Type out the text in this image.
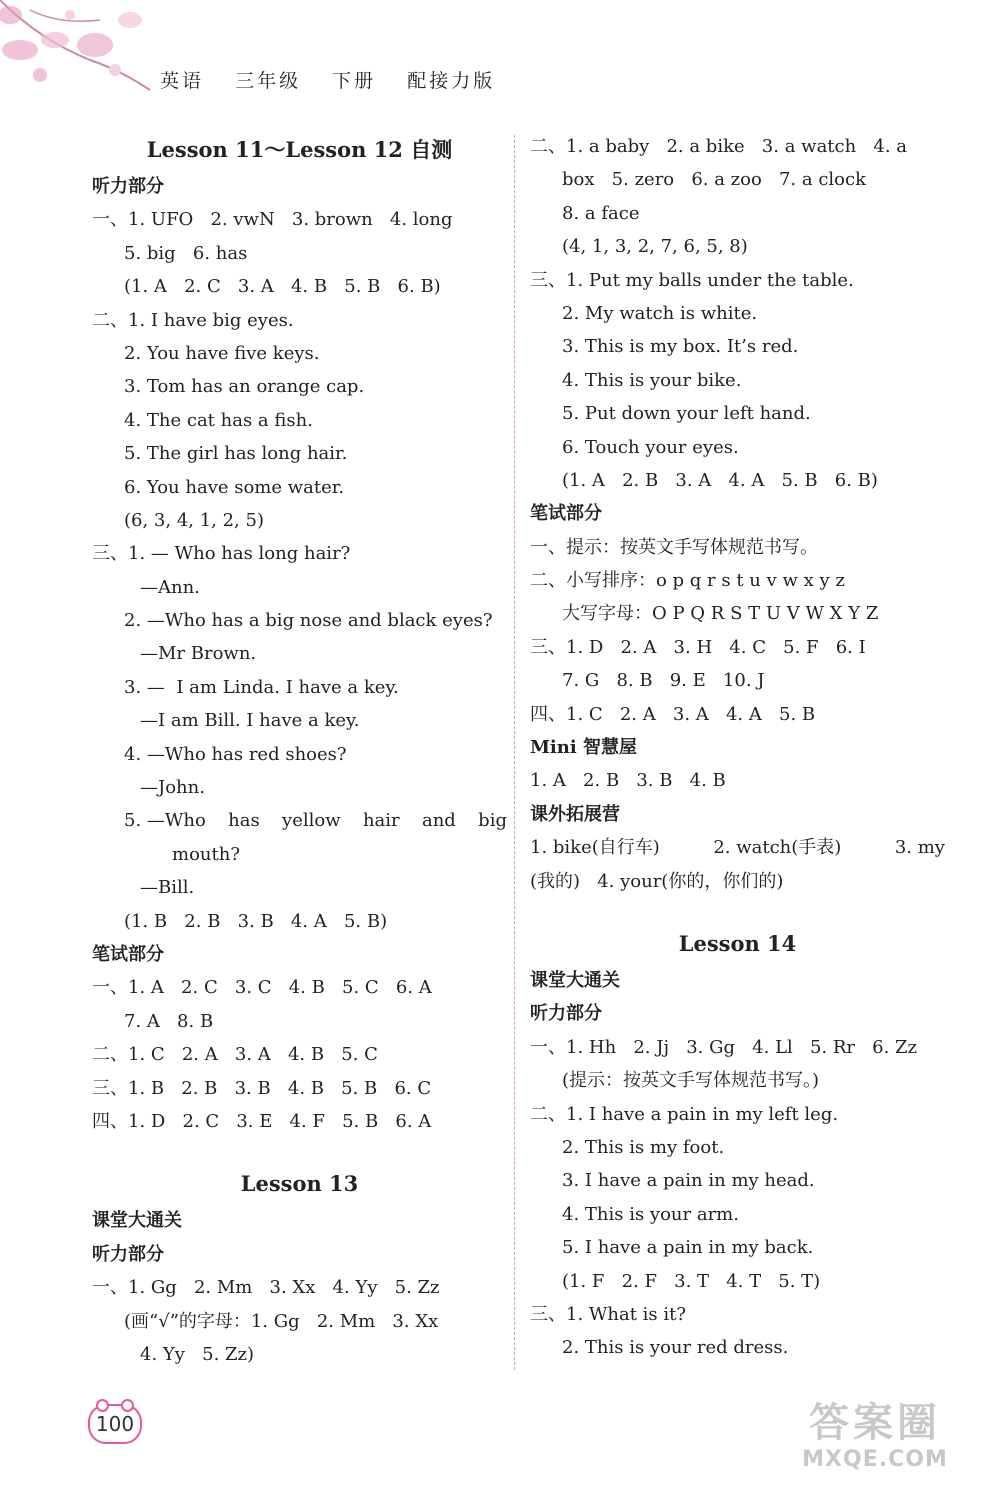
英语 三年级 下册 配接力版
Lesson 11～Lesson 12 自测
听力部分
一、1. UFO   2. vwN   3. brown   4. long
5. big   6. has
(1. A   2. C   3. A   4. B   5. B   6. B)
二、1. I have big eyes.
2. You have five keys.
3. Tom has an orange cap.
4. The cat has a fish.
5. The girl has long hair.
6. You have some water.
(6, 3, 4, 1, 2, 5)
三、1. — Who has long hair?
—Ann.
2. —Who has a big nose and black eyes?
—Mr Brown.
3. —  I am Linda. I have a key.
—I am Bill. I have a key.
4. —Who has red shoes?
—John.
5. —Who has yellow hair and big
mouth?
—Bill.
(1. B   2. B   3. B   4. A   5. B)
笔试部分
一、1. A   2. C   3. C   4. B   5. C   6. A
7. A   8. B
二、1. C   2. A   3. A   4. B   5. C
三、1. B   2. B   3. B   4. B   5. B   6. C
四、1. D   2. C   3. E   4. F   5. B   6. A
Lesson 13
课堂大通关
听力部分
一、1. Gg   2. Mm   3. Xx   4. Yy   5. Zz
(画“√”的字母：1. Gg   2. Mm   3. Xx
4. Yy   5. Zz)
二、1. a baby   2. a bike   3. a watch   4. a
box   5. zero   6. a zoo   7. a clock
8. a face
(4, 1, 3, 2, 7, 6, 5, 8)
三、1. Put my balls under the table.
2. My watch is white.
3. This is my box. It’s red.
4. This is your bike.
5. Put down your left hand.
6. Touch your eyes.
(1. A   2. B   3. A   4. A   5. B   6. B)
笔试部分
一、提示：按英文手写体规范书写。
二、小写排序：o p q r s t u v w x y z
大写字母：O P Q R S T U V W X Y Z
三、1. D   2. A   3. H   4. C   5. F   6. I
7. G   8. B   9. E   10. J
四、1. C   2. A   3. A   4. A   5. B
Mini 智慧屋
1. A   2. B   3. B   4. B
课外拓展营
1. bike(自行车)	2. watch(手表)	3. my
(我的)   4. your(你的，你们的)
Lesson 14
课堂大通关
听力部分
一、1. Hh   2. Jj   3. Gg   4. Ll   5. Rr   6. Zz
(提示：按英文手写体规范书写。)
二、1. I have a pain in my left leg.
2. This is my foot.
3. I have a pain in my head.
4. This is your arm.
5. I have a pain in my back.
(1. F   2. F   3. T   4. T   5. T)
三、1. What is it?
2. This is your red dress.
100	答案圈
MXQE.COM
